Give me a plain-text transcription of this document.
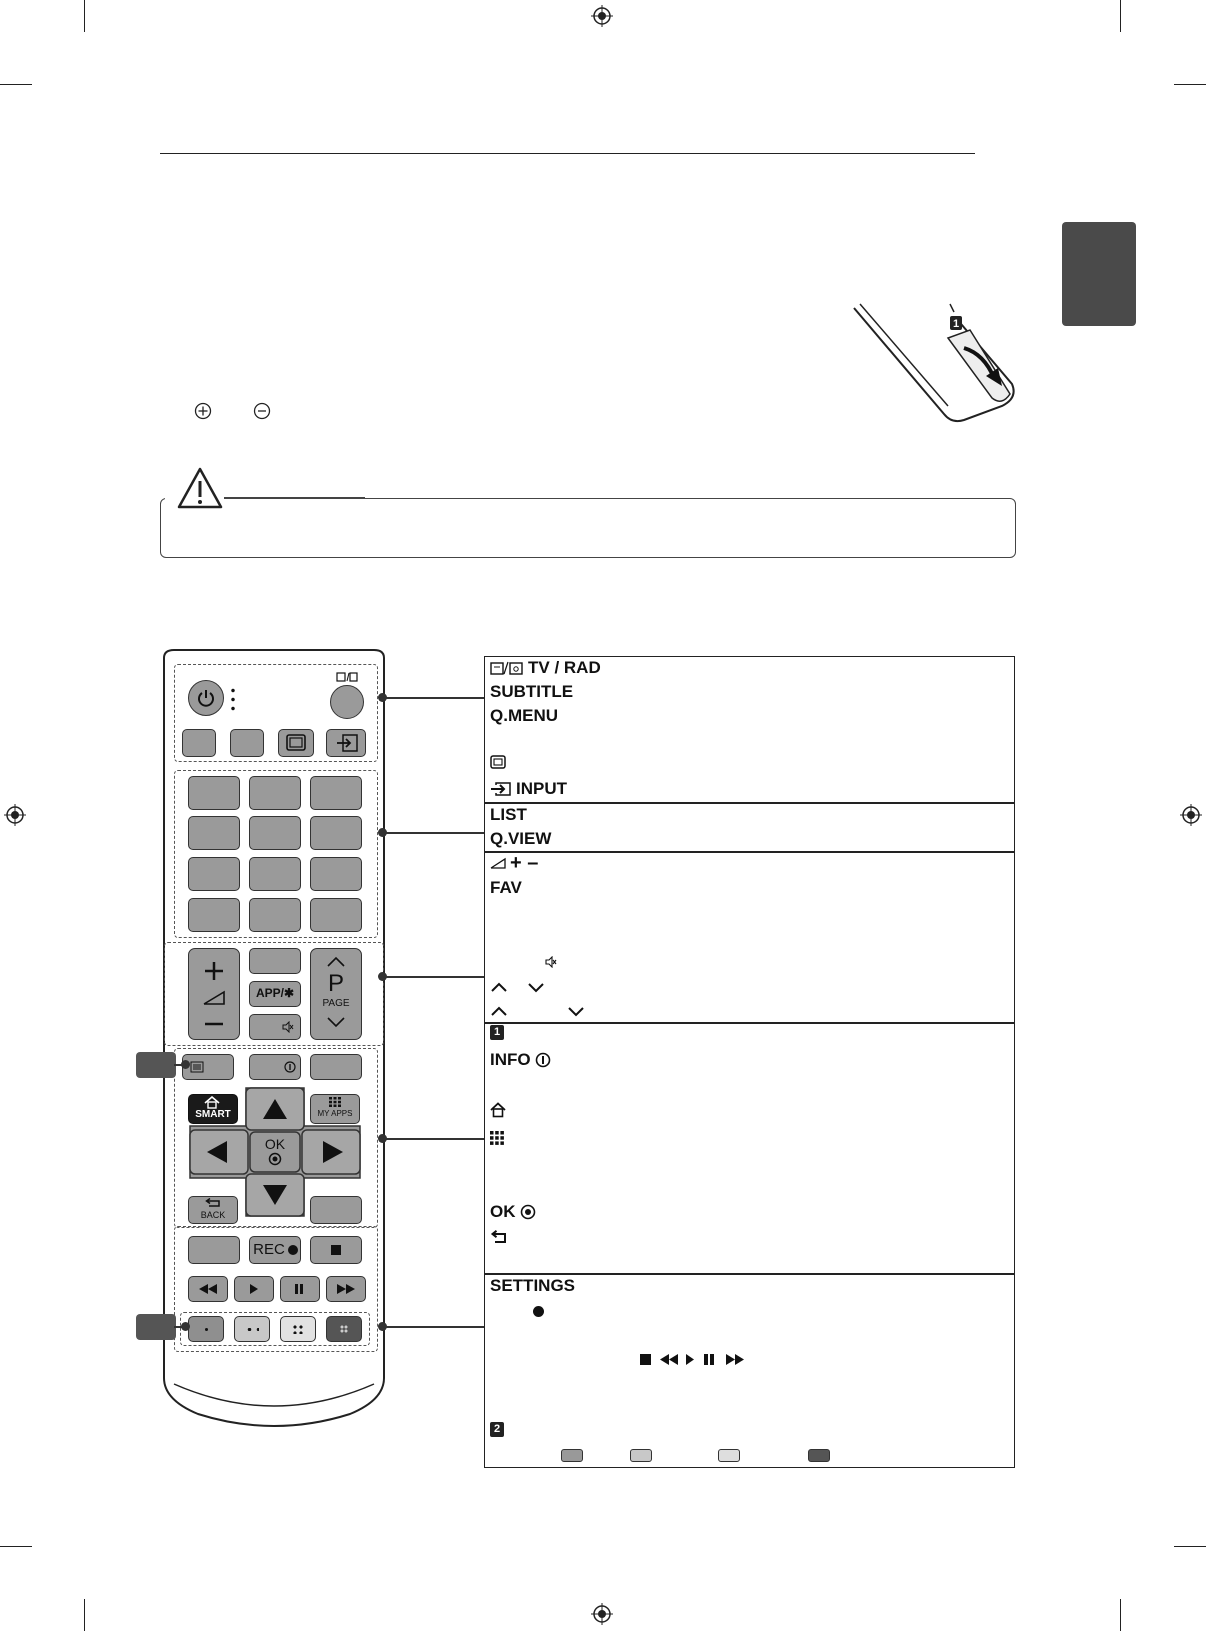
1
APP/✱	P
PAGE
SMART	MY APPS
OK
BACK
REC
TV / RAD
SUBTITLE
Q.MENU
INPUT
LIST
Q.VIEW
+ –
FAV
1
INFO
OK
SETTINGS
2
